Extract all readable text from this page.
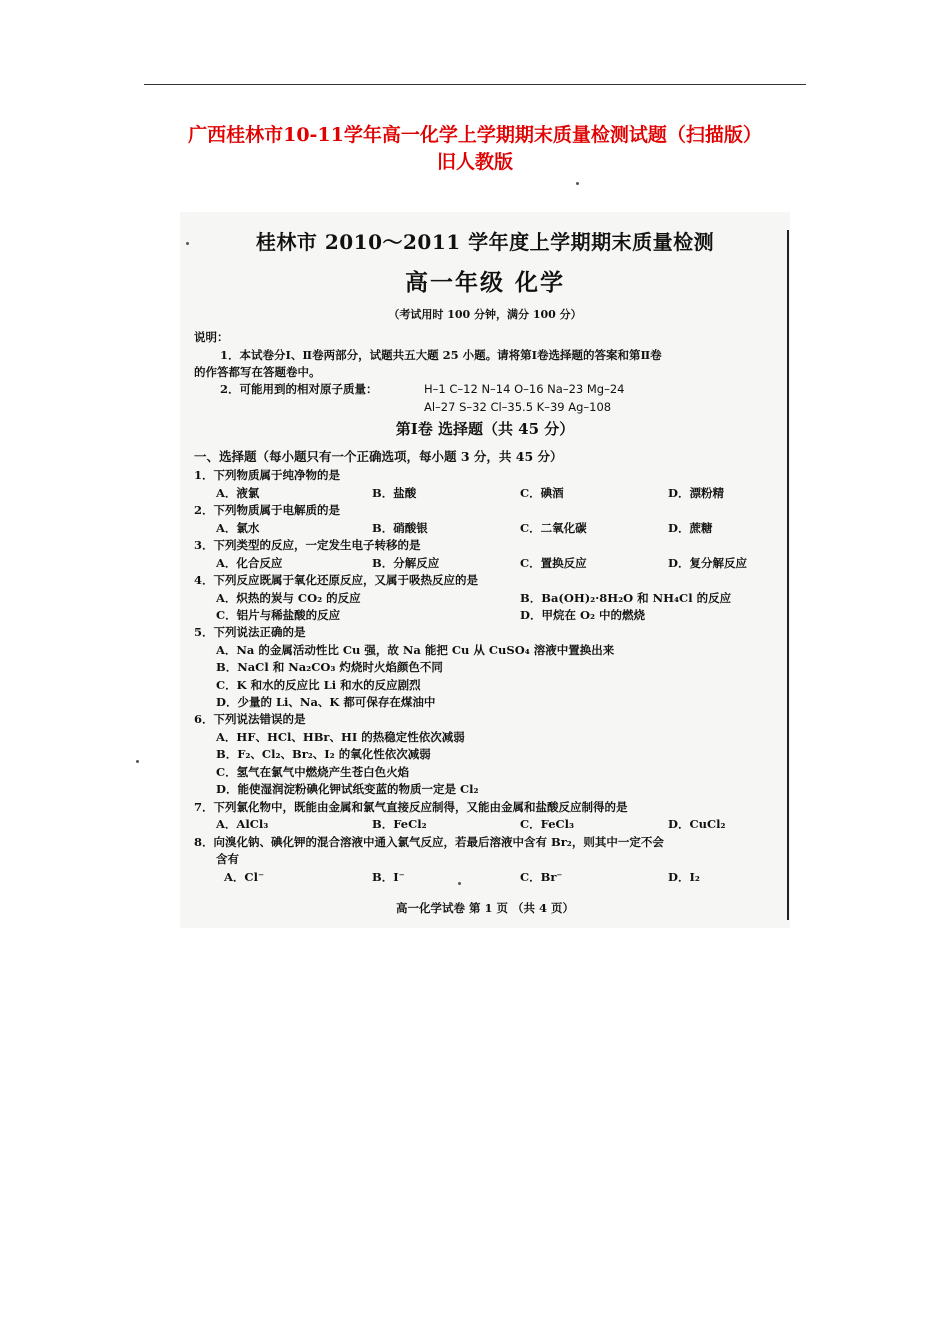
广西桂林市10-11学年高一化学上学期期末质量检测试题（扫描版）
旧人教版
桂林市 2010～2011 学年度上学期期末质量检测
高一年级 化学
（考试用时 100 分钟，满分 100 分）
说明：
1．本试卷分Ⅰ、Ⅱ卷两部分，试题共五大题 25 小题。请将第Ⅰ卷选择题的答案和第Ⅱ卷
的作答都写在答题卷中。
2．可能用到的相对原子质量：	H–1 C–12 N–14 O–16 Na–23 Mg–24
Al–27 S–32 Cl–35.5 K–39 Ag–108
第Ⅰ卷 选择题（共 45 分）
一、选择题（每小题只有一个正确选项，每小题 3 分，共 45 分）
1．下列物质属于纯净物的是
A．液氯	B．盐酸	C．碘酒	D．漂粉精
2．下列物质属于电解质的是
A．氯水	B．硝酸银	C．二氧化碳	D．蔗糖
3．下列类型的反应，一定发生电子转移的是
A．化合反应	B．分解反应	C．置换反应	D．复分解反应
4．下列反应既属于氧化还原反应，又属于吸热反应的是
A．炽热的炭与 CO₂ 的反应	B．Ba(OH)₂·8H₂O 和 NH₄Cl 的反应
C．铝片与稀盐酸的反应	D．甲烷在 O₂ 中的燃烧
5．下列说法正确的是
A．Na 的金属活动性比 Cu 强，故 Na 能把 Cu 从 CuSO₄ 溶液中置换出来
B．NaCl 和 Na₂CO₃ 灼烧时火焰颜色不同
C．K 和水的反应比 Li 和水的反应剧烈
D．少量的 Li、Na、K 都可保存在煤油中
6．下列说法错误的是
A．HF、HCl、HBr、HI 的热稳定性依次减弱
B．F₂、Cl₂、Br₂、I₂ 的氧化性依次减弱
C．氢气在氯气中燃烧产生苍白色火焰
D．能使湿润淀粉碘化钾试纸变蓝的物质一定是 Cl₂
7．下列氯化物中，既能由金属和氯气直接反应制得，又能由金属和盐酸反应制得的是
A．AlCl₃	B．FeCl₂	C．FeCl₃	D．CuCl₂
8．向溴化钠、碘化钾的混合溶液中通入氯气反应，若最后溶液中含有 Br₂，则其中一定不会
含有
A．Cl⁻	B．I⁻	C．Br⁻	D．I₂
高一化学试卷 第 1 页 （共 4 页）
